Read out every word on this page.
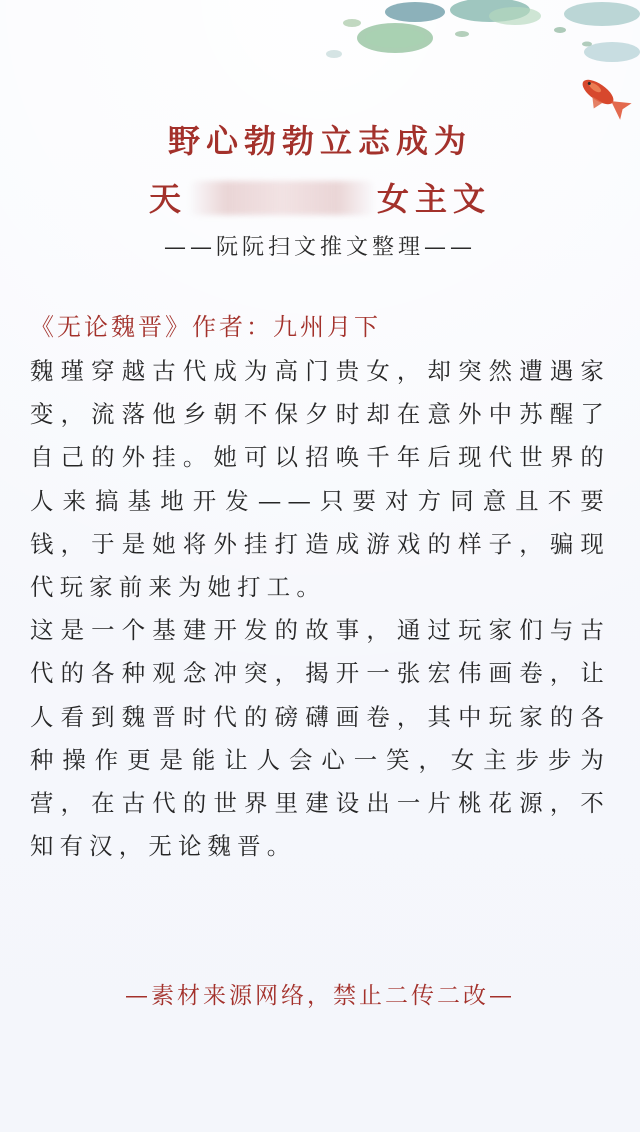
野心勃勃立志成为
天	女主文
——阮阮扫文推文整理——
《无论魏晋》作者：九州月下

魏瑾穿越古代成为高门贵女，却突然遭遇家变，流落他乡朝不保夕时却在意外中苏醒了自己的外挂。她可以招唤千年后现代世界的人来搞基地开发——只要对方同意且不要钱，于是她将外挂打造成游戏的样子，骗现代玩家前来为她打工。

这是一个基建开发的故事，通过玩家们与古代的各种观念冲突，揭开一张宏伟画卷，让人看到魏晋时代的磅礴画卷，其中玩家的各种操作更是能让人会心一笑，女主步步为营，在古代的世界里建设出一片桃花源，不知有汉，无论魏晋。

—素材来源网络，禁止二传二改—
